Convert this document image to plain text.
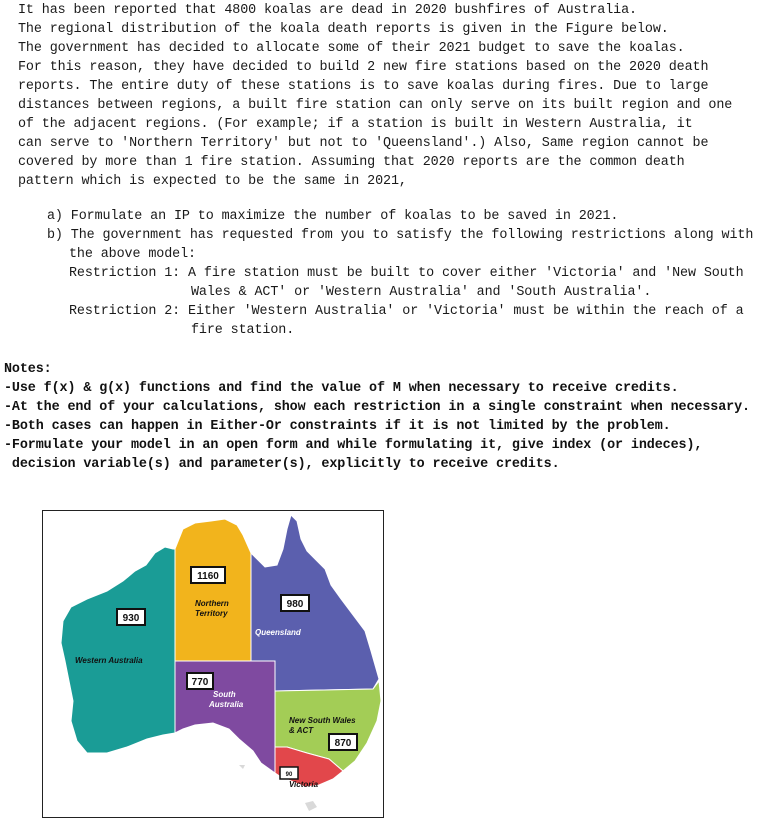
It has been reported that 4800 koalas are dead in 2020 bushfires of Australia.
The regional distribution of the koala death reports is given in the Figure below.
The government has decided to allocate some of their 2021 budget to save the koalas.
For this reason, they have decided to build 2 new fire stations based on the 2020 death
reports. The entire duty of these stations is to save koalas during fires. Due to large
distances between regions, a built fire station can only serve on its built region and one
of the adjacent regions. (For example; if a station is built in Western Australia, it
can serve to 'Northern Territory' but not to 'Queensland'.) Also, Same region cannot be
covered by more than 1 fire station. Assuming that 2020 reports are the common death
pattern which is expected to be the same in 2021,
a) Formulate an IP to maximize the number of koalas to be saved in 2021.
b) The government has requested from you to satisfy the following restrictions along with
the above model:
Restriction 1: A fire station must be built to cover either 'Victoria' and 'New South
Wales & ACT' or 'Western Australia' and 'South Australia'.
Restriction 2: Either 'Western Australia' or 'Victoria' must be within the reach of a
fire station.
Notes:
-Use f(x) & g(x) functions and find the value of M when necessary to receive credits.
-At the end of your calculations, show each restriction in a single constraint when necessary.
-Both cases can happen in Either-Or constraints if it is not limited by the problem.
-Formulate your model in an open form and while formulating it, give index (or indeces),
decision variable(s) and parameter(s), explicitly to receive credits.
1160
980
930
770
870
90
Northern
Territory
Queensland
Western Australia
South
Australia
New South Wales
& ACT
Victoria
